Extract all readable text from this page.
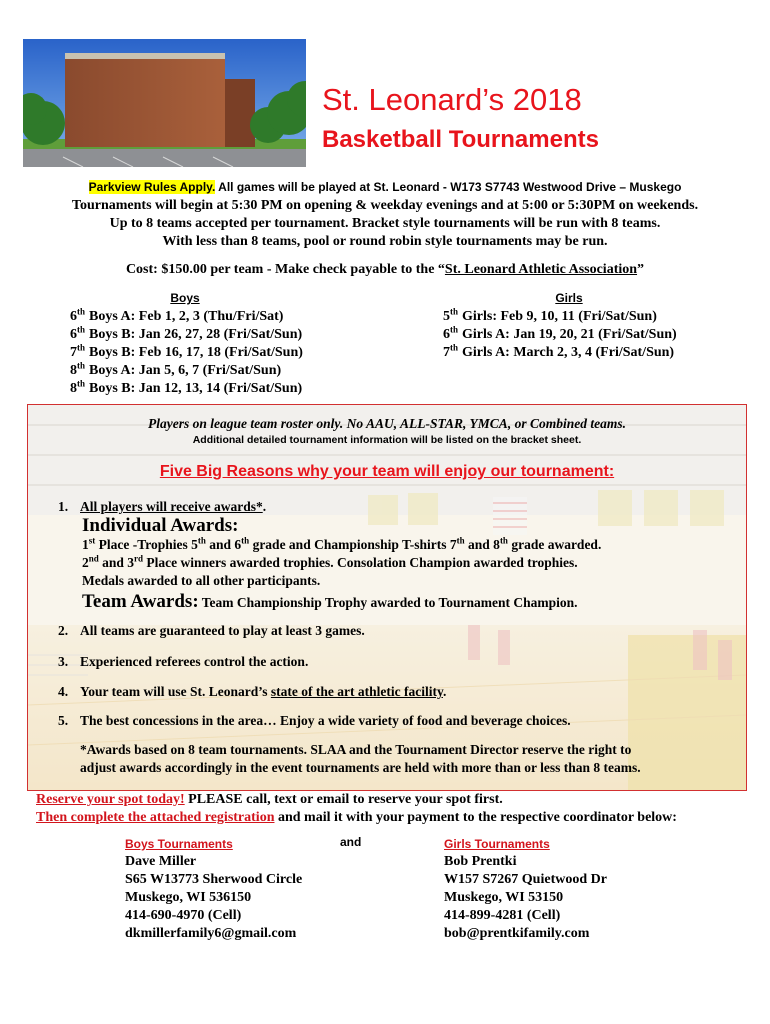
St. Leonard’s 2018
Basketball Tournaments
Parkview Rules Apply. All games will be played at St. Leonard - W173 S7743 Westwood Drive – Muskego
Tournaments will begin at 5:30 PM on opening & weekday evenings and at 5:00 or 5:30PM on weekends.
Up to 8 teams accepted per tournament. Bracket style tournaments will be run with 8 teams.
With less than 8 teams, pool or round robin style tournaments may be run.
Cost: $150.00 per team - Make check payable to the “St. Leonard Athletic Association”
Boys
6th Boys A: Feb 1, 2, 3 (Thu/Fri/Sat)
6th Boys B: Jan 26, 27, 28 (Fri/Sat/Sun)
7th Boys B: Feb 16, 17, 18 (Fri/Sat/Sun)
8th Boys A: Jan 5, 6, 7 (Fri/Sat/Sun)
8th Boys B: Jan 12, 13, 14 (Fri/Sat/Sun)
Girls
5th Girls: Feb 9, 10, 11 (Fri/Sat/Sun)
6th Girls A: Jan 19, 20, 21 (Fri/Sat/Sun)
7th Girls A: March 2, 3, 4 (Fri/Sat/Sun)
Players on league team roster only. No AAU, ALL-STAR, YMCA, or Combined teams.
Additional detailed tournament information will be listed on the bracket sheet.
Five Big Reasons why your team will enjoy our tournament:
1. All players will receive awards*.
Individual Awards:
1st Place -Trophies 5th and 6th grade and Championship T-shirts 7th and 8th grade awarded.
2nd and 3rd Place winners awarded trophies. Consolation Champion awarded trophies.
Medals awarded to all other participants.
Team Awards: Team Championship Trophy awarded to Tournament Champion.
2. All teams are guaranteed to play at least 3 games.
3. Experienced referees control the action.
4. Your team will use St. Leonard’s state of the art athletic facility.
5. The best concessions in the area… Enjoy a wide variety of food and beverage choices.
*Awards based on 8 team tournaments. SLAA and the Tournament Director reserve the right to
adjust awards accordingly in the event tournaments are held with more than or less than 8 teams.
Reserve your spot today! PLEASE call, text or email to reserve your spot first.
Then complete the attached registration and mail it with your payment to the respective coordinator below:
and
Boys Tournaments
Dave Miller
S65 W13773 Sherwood Circle
Muskego, WI 536150
414-690-4970 (Cell)
dkmillerfamily6@gmail.com
Girls Tournaments
Bob Prentki
W157 S7267 Quietwood Dr
Muskego, WI 53150
414-899-4281 (Cell)
bob@prentkifamily.com
